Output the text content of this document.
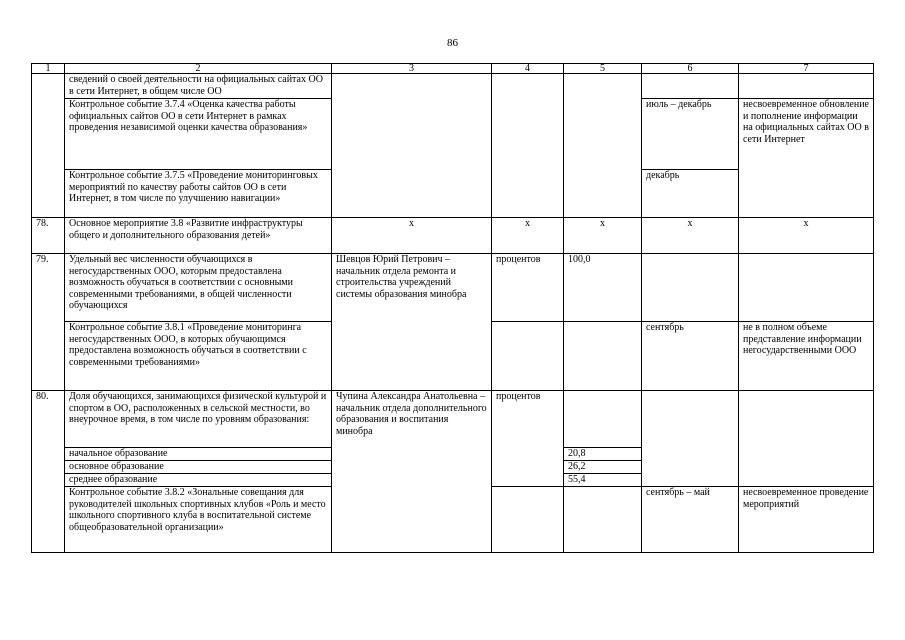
86
1	2	3	4	5	6	7
	сведений о своей деятельности на официальных сайтах ОО в сети Интернет, в общем числе ОО					
	Контрольное событие 3.7.4 «Оценка качества работы официальных сайтов ОО в сети Интернет в рамках проведения независимой оценки качества образования»				июль – декабрь	несвоевременное обновление и пополнение информации на официальных сайтах ОО в сети Интернет
	Контрольное событие 3.7.5 «Проведение мониторинговых мероприятий по качеству работы сайтов ОО в сети Интернет, в том числе по улучшению навигации»				декабрь	
78.	Основное мероприятие 3.8 «Развитие инфраструктуры общего и дополнительного образования детей»	х	х	х	х	х
79.	Удельный вес численности обучающихся в негосударственных ООО, которым предоставлена возможность обучаться в соответствии с основными современными требованиями, в общей численности обучающихся	Шевцов Юрий Петрович – начальник отдела ремонта и строительства учреждений системы образования минобра	процентов	100,0		
	Контрольное событие 3.8.1 «Проведение мониторинга негосударственных ООО, в которых обучающимся предоставлена возможность обучаться в соответствии с современными требованиями»				сентябрь	не в полном объеме представление информации негосударственными ООО
80.	Доля обучающихся, занимающихся физической культурой и спортом в ОО, расположенных в сельской местности, во внеурочное время, в том числе по уровням образования:	Чупина Александра Анатольевна – начальник отдела дополнительного образования и воспитания минобра	процентов			
	начальное образование			20,8		
	основное образование			26,2		
	среднее образование			55,4		
	Контрольное событие 3.8.2 «Зональные совещания для руководителей школьных спортивных клубов «Роль и место школьного спортивного клуба в воспитательной системе общеобразовательной организации»				сентябрь – май	несвоевременное проведение мероприятий
